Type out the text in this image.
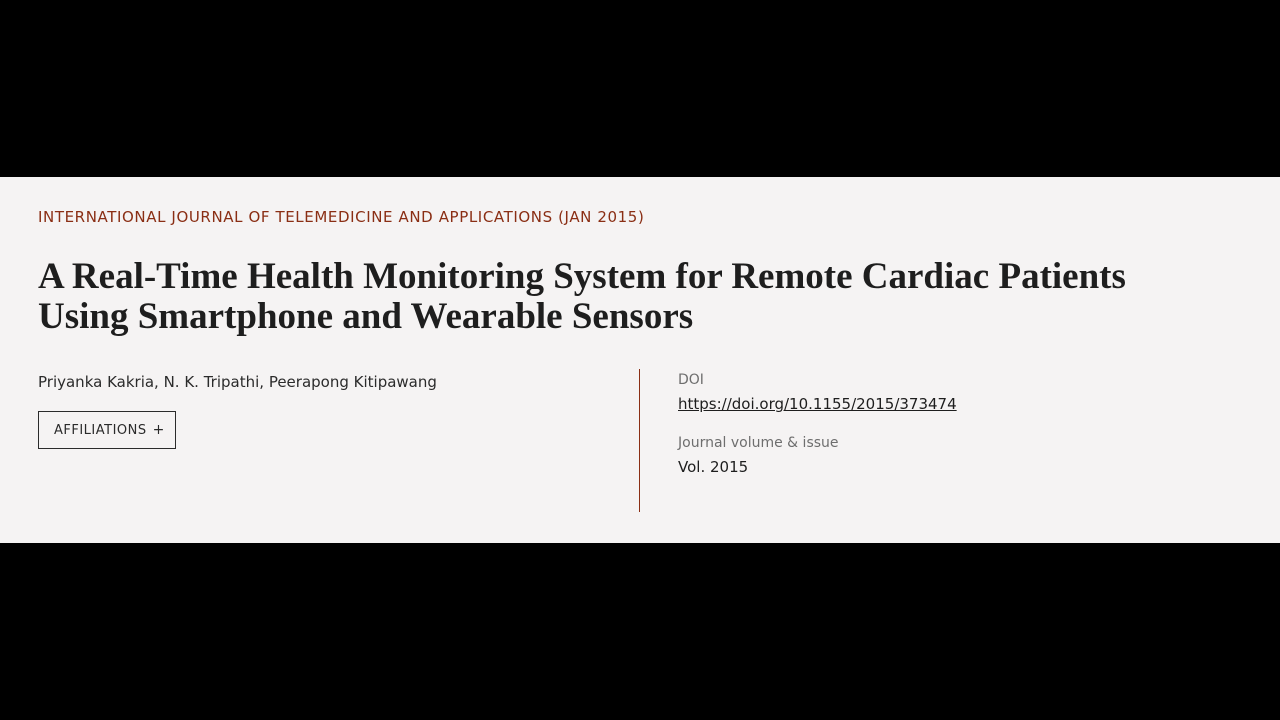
INTERNATIONAL JOURNAL OF TELEMEDICINE AND APPLICATIONS (JAN 2015)
A Real-Time Health Monitoring System for Remote Cardiac Patients Using Smartphone and Wearable Sensors
Priyanka Kakria, N. K. Tripathi, Peerapong Kitipawang
AFFILIATIONS +
DOI
https://doi.org/10.1155/2015/373474
Journal volume & issue
Vol. 2015
